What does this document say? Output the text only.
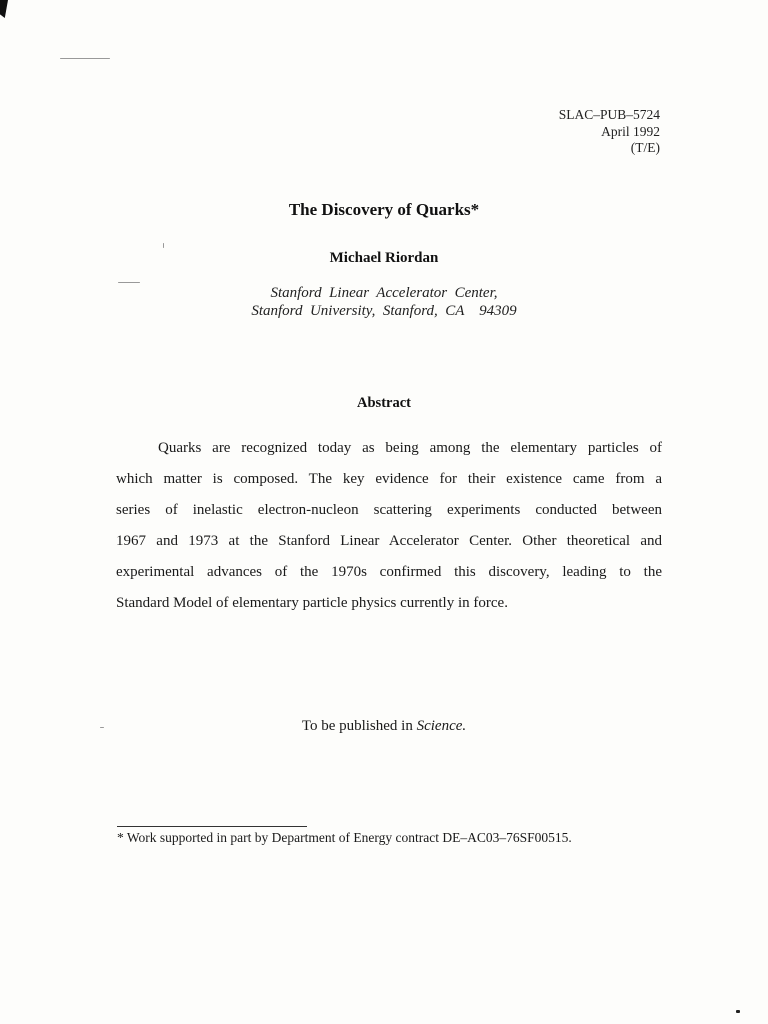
SLAC–PUB–5724
April 1992
(T/E)
The Discovery of Quarks*
Michael Riordan
Stanford  Linear  Accelerator  Center,
Stanford  University,  Stanford,  CA    94309
Abstract
Quarks are recognized today as being among the elementary particles of
which matter is composed. The key evidence for their existence came from a
series of inelastic electron-nucleon scattering experiments conducted between
1967 and 1973 at the Stanford Linear Accelerator Center. Other theoretical and
experimental advances of the 1970s confirmed this discovery, leading to the
Standard Model of elementary particle physics currently in force.
To be published in Science.
* Work supported in part by Department of Energy contract DE–AC03–76SF00515.
